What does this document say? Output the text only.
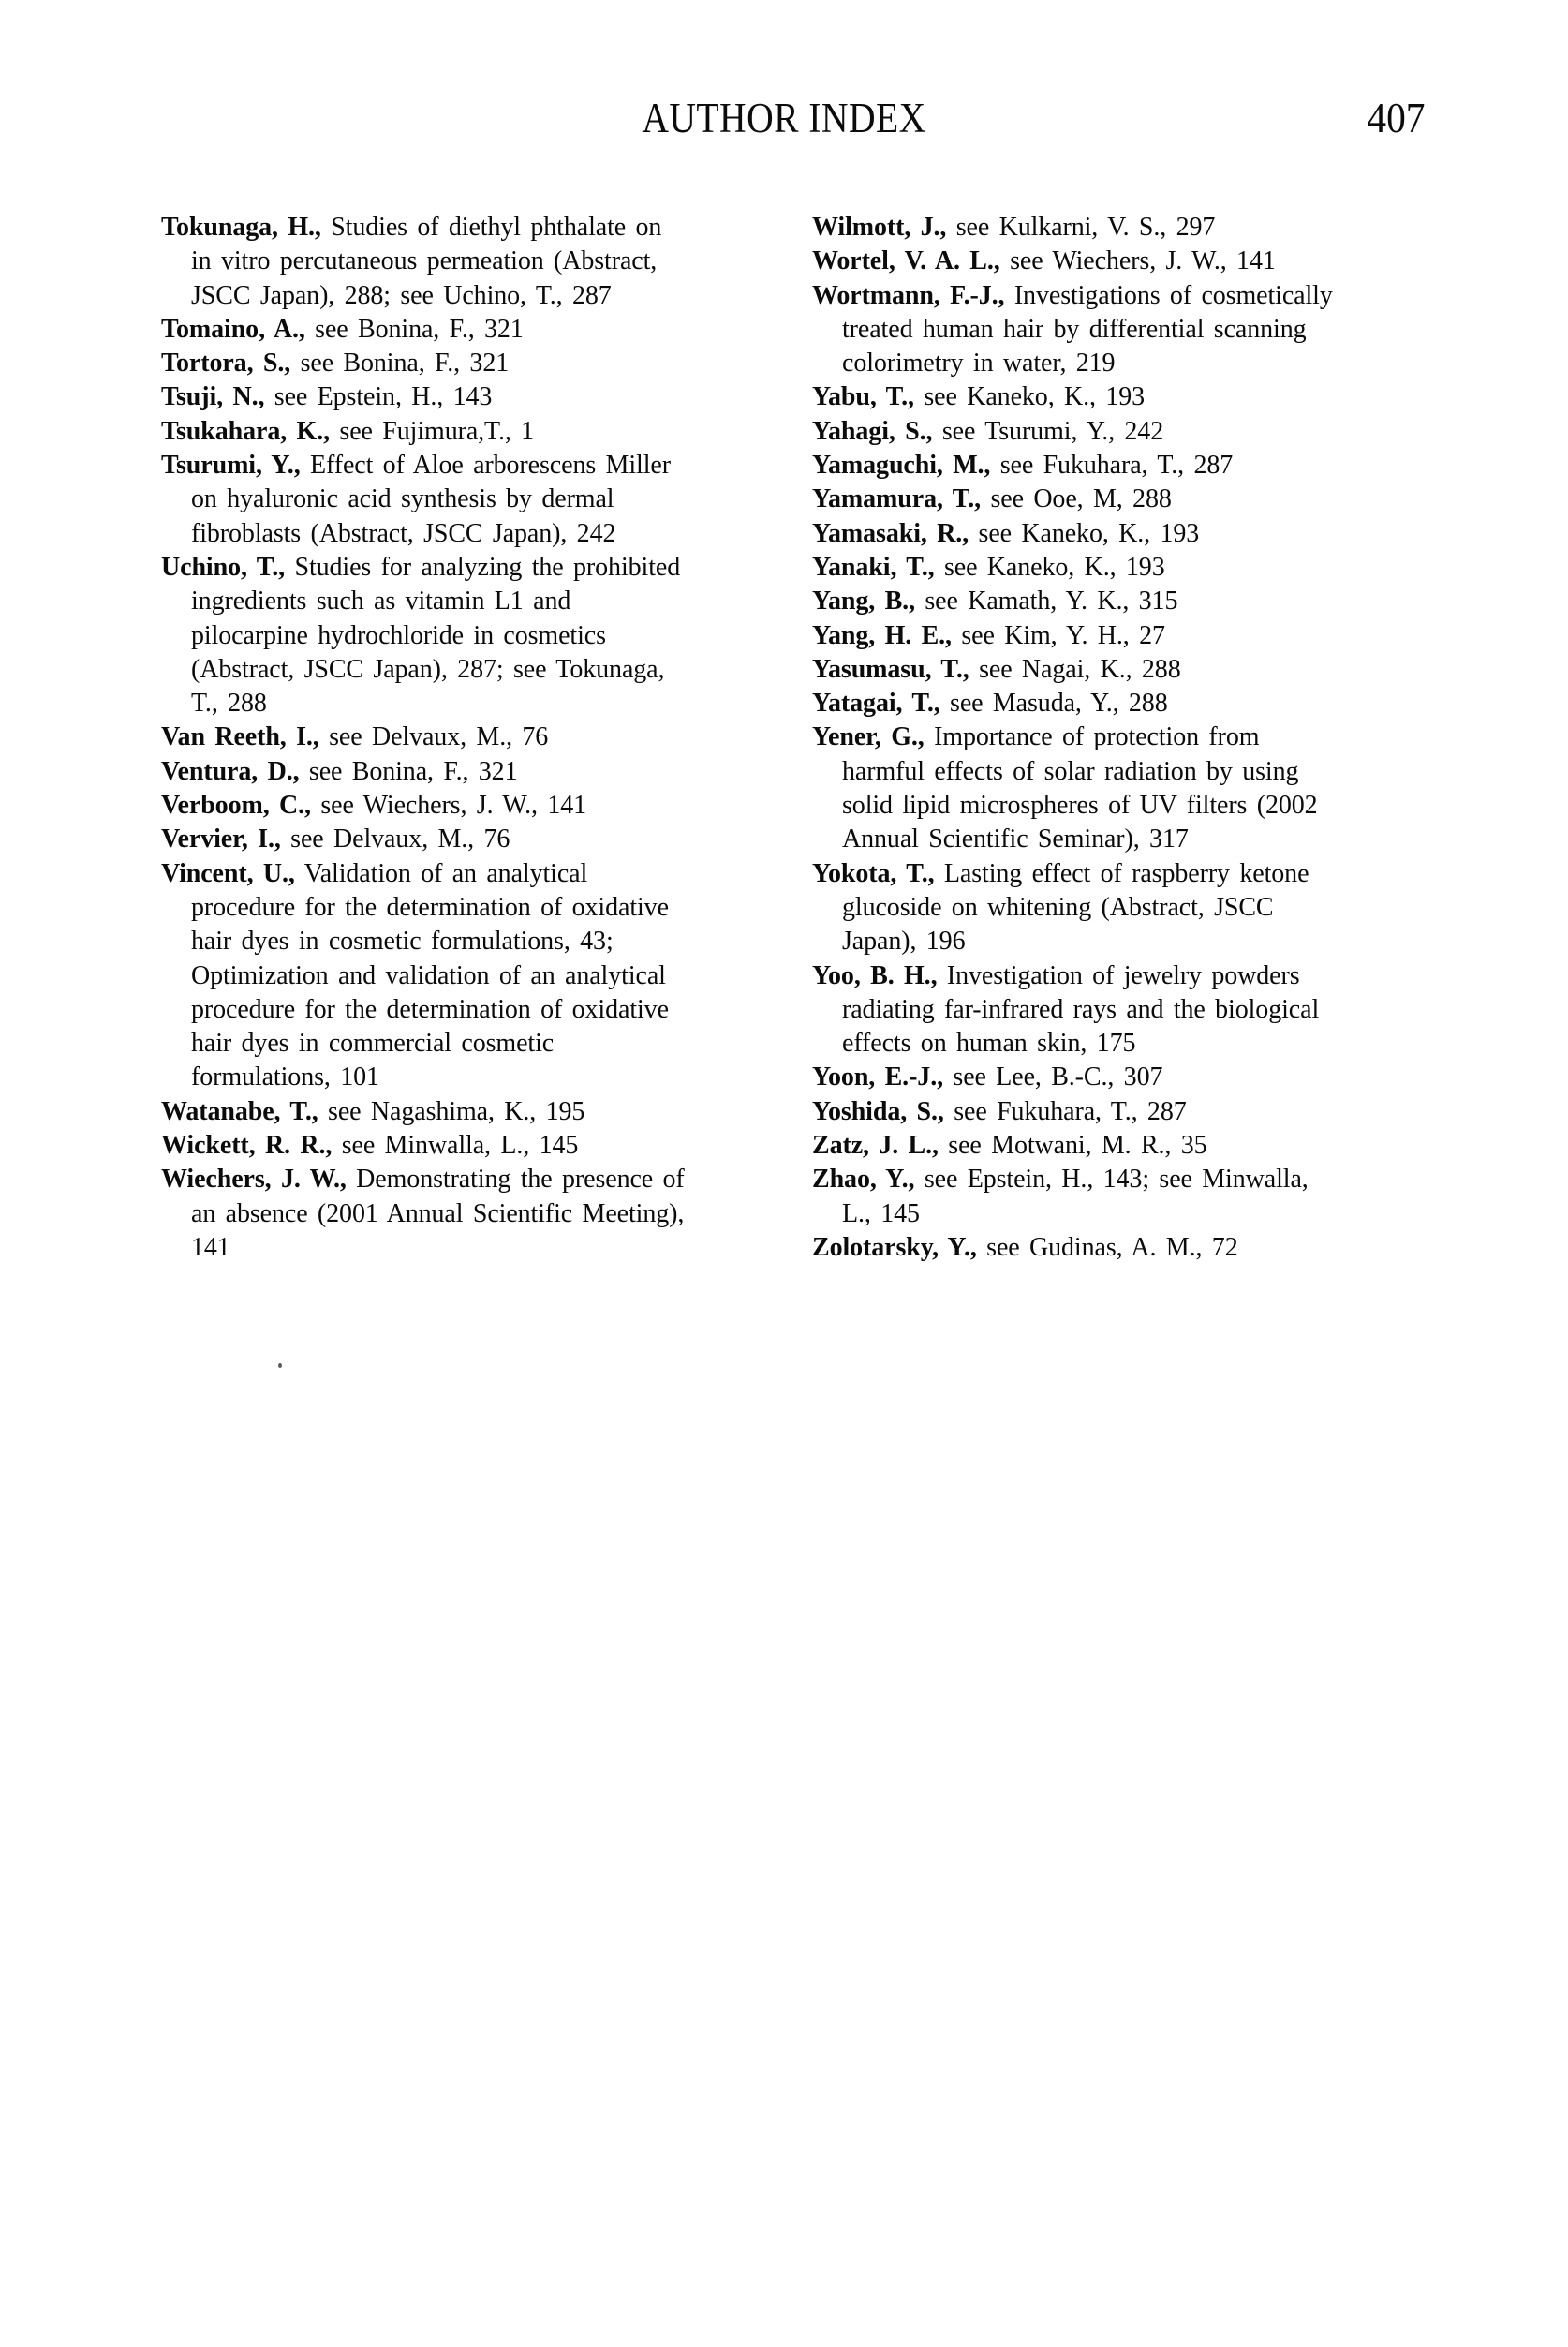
AUTHOR INDEX	407
Tokunaga, H., Studies of diethyl phthalate on
in vitro percutaneous permeation (Abstract,
JSCC Japan), 288; see Uchino, T., 287
Tomaino, A., see Bonina, F., 321
Tortora, S., see Bonina, F., 321
Tsuji, N., see Epstein, H., 143
Tsukahara, K., see Fujimura,T., 1
Tsurumi, Y., Effect of Aloe arborescens Miller
on hyaluronic acid synthesis by dermal
fibroblasts (Abstract, JSCC Japan), 242
Uchino, T., Studies for analyzing the prohibited
ingredients such as vitamin L1 and
pilocarpine hydrochloride in cosmetics
(Abstract, JSCC Japan), 287; see Tokunaga,
T., 288
Van Reeth, I., see Delvaux, M., 76
Ventura, D., see Bonina, F., 321
Verboom, C., see Wiechers, J. W., 141
Vervier, I., see Delvaux, M., 76
Vincent, U., Validation of an analytical
procedure for the determination of oxidative
hair dyes in cosmetic formulations, 43;
Optimization and validation of an analytical
procedure for the determination of oxidative
hair dyes in commercial cosmetic
formulations, 101
Watanabe, T., see Nagashima, K., 195
Wickett, R. R., see Minwalla, L., 145
Wiechers, J. W., Demonstrating the presence of
an absence (2001 Annual Scientific Meeting),
141
Wilmott, J., see Kulkarni, V. S., 297
Wortel, V. A. L., see Wiechers, J. W., 141
Wortmann, F.-J., Investigations of cosmetically
treated human hair by differential scanning
colorimetry in water, 219
Yabu, T., see Kaneko, K., 193
Yahagi, S., see Tsurumi, Y., 242
Yamaguchi, M., see Fukuhara, T., 287
Yamamura, T., see Ooe, M, 288
Yamasaki, R., see Kaneko, K., 193
Yanaki, T., see Kaneko, K., 193
Yang, B., see Kamath, Y. K., 315
Yang, H. E., see Kim, Y. H., 27
Yasumasu, T., see Nagai, K., 288
Yatagai, T., see Masuda, Y., 288
Yener, G., Importance of protection from
harmful effects of solar radiation by using
solid lipid microspheres of UV filters (2002
Annual Scientific Seminar), 317
Yokota, T., Lasting effect of raspberry ketone
glucoside on whitening (Abstract, JSCC
Japan), 196
Yoo, B. H., Investigation of jewelry powders
radiating far-infrared rays and the biological
effects on human skin, 175
Yoon, E.-J., see Lee, B.-C., 307
Yoshida, S., see Fukuhara, T., 287
Zatz, J. L., see Motwani, M. R., 35
Zhao, Y., see Epstein, H., 143; see Minwalla,
L., 145
Zolotarsky, Y., see Gudinas, A. M., 72
